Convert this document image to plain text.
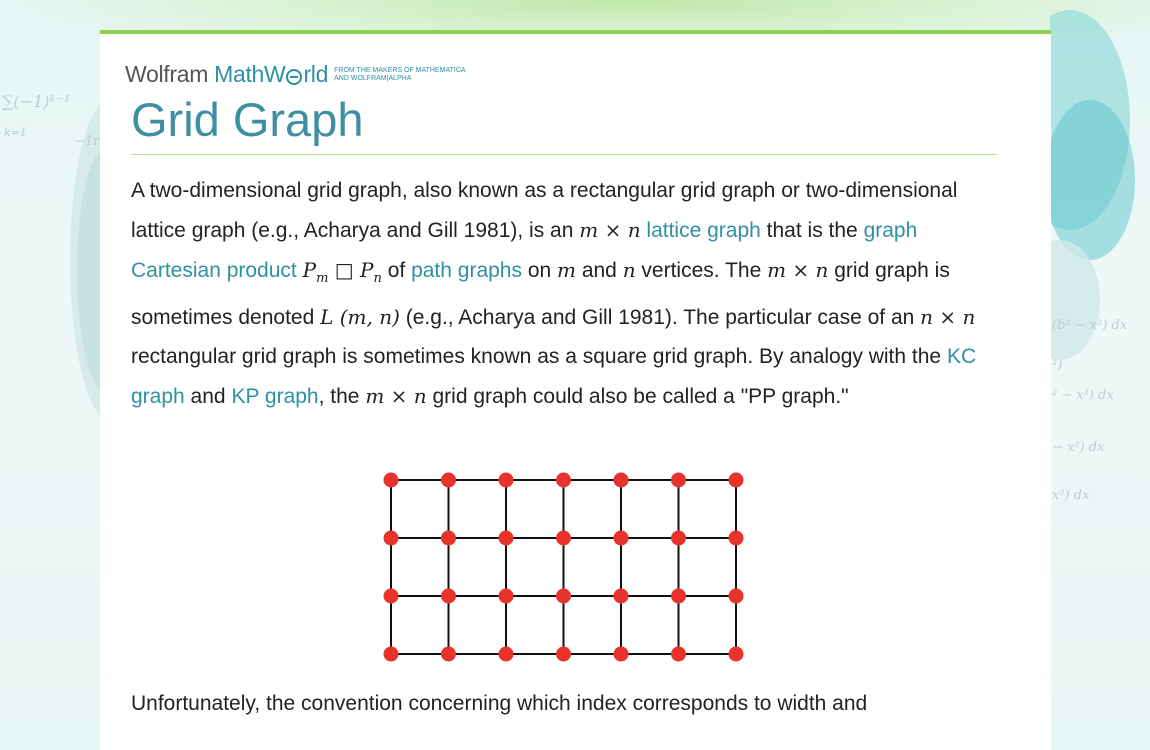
∑(−1)ᵏ⁻¹
k=1
−1r
(b² − x²) dx
²)
² − x²) dx
− x²) dx
x²) dx
Wolfram MathW rld FROM THE MAKERS OF MATHEMATICA
AND WOLFRAM|ALPHA
Grid Graph

A two-dimensional grid graph, also known as a rectangular grid graph or two-dimensional lattice graph (e.g., Acharya and Gill 1981), is an m × n lattice graph that is the graph Cartesian product $P_m$ □ $P_n$ of path graphs on m and n vertices. The m × n grid graph is sometimes denoted L (m, n) (e.g., Acharya and Gill 1981). The particular case of an n × n rectangular grid graph is sometimes known as a square grid graph. By analogy with the KC graph and KP graph, the m × n grid graph could also be called a "PP graph."

Unfortunately, the convention concerning which index corresponds to width and
